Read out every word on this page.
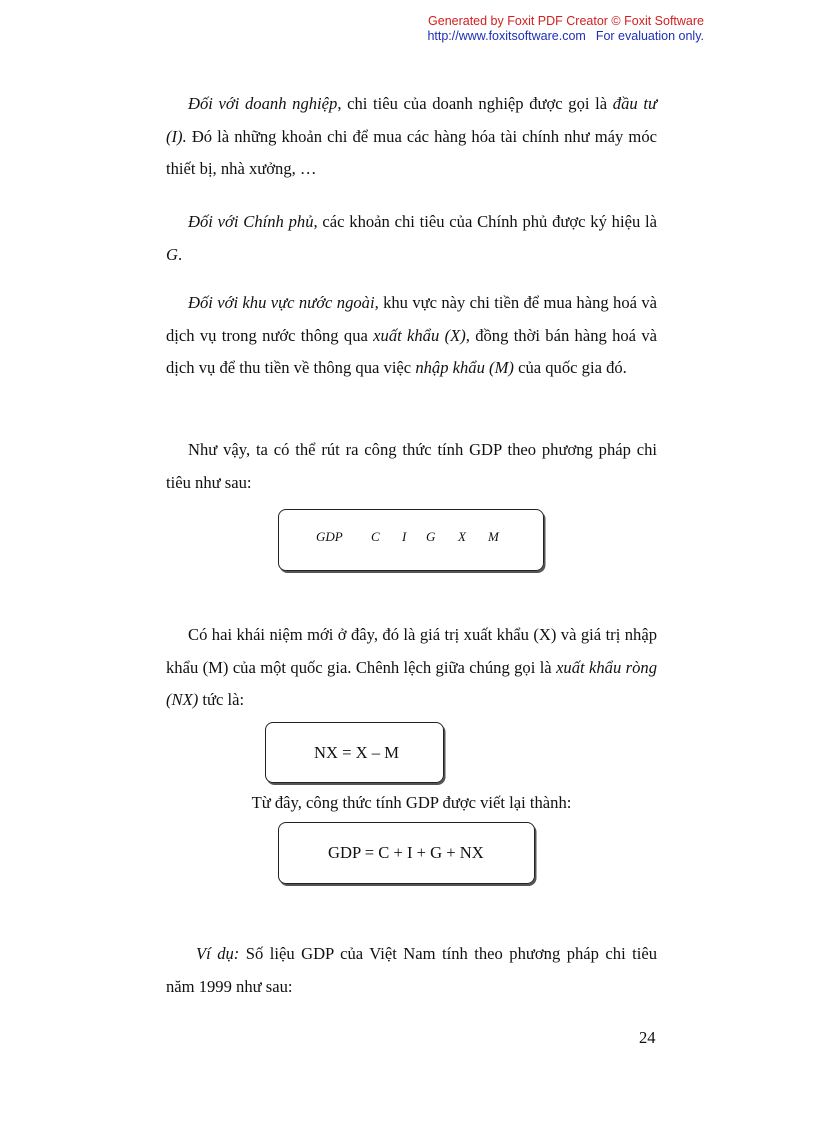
Generated by Foxit PDF Creator © Foxit Software
http://www.foxitsoftware.com For evaluation only.

Đối với doanh nghiệp, chi tiêu của doanh nghiệp được gọi là đầu tư (I). Đó là những khoản chi để mua các hàng hóa tài chính như máy móc thiết bị, nhà xưởng, …

Đối với Chính phủ, các khoản chi tiêu của Chính phủ được ký hiệu là G.

Đối với khu vực nước ngoài, khu vực này chi tiền để mua hàng hoá và dịch vụ trong nước thông qua xuất khẩu (X), đồng thời bán hàng hoá và dịch vụ để thu tiền về thông qua việc nhập khẩu (M) của quốc gia đó.

Như vậy, ta có thể rút ra công thức tính GDP theo phương pháp chi tiêu như sau:

GDP C I G X M

Có hai khái niệm mới ở đây, đó là giá trị xuất khẩu (X) và giá trị nhập khẩu (M) của một quốc gia. Chênh lệch giữa chúng gọi là xuất khẩu ròng (NX) tức là:

NX = X – M

Từ đây, công thức tính GDP được viết lại thành:

GDP = C + I + G + NX

Ví dụ: Số liệu GDP của Việt Nam tính theo phương pháp chi tiêu năm 1999 như sau:

24
